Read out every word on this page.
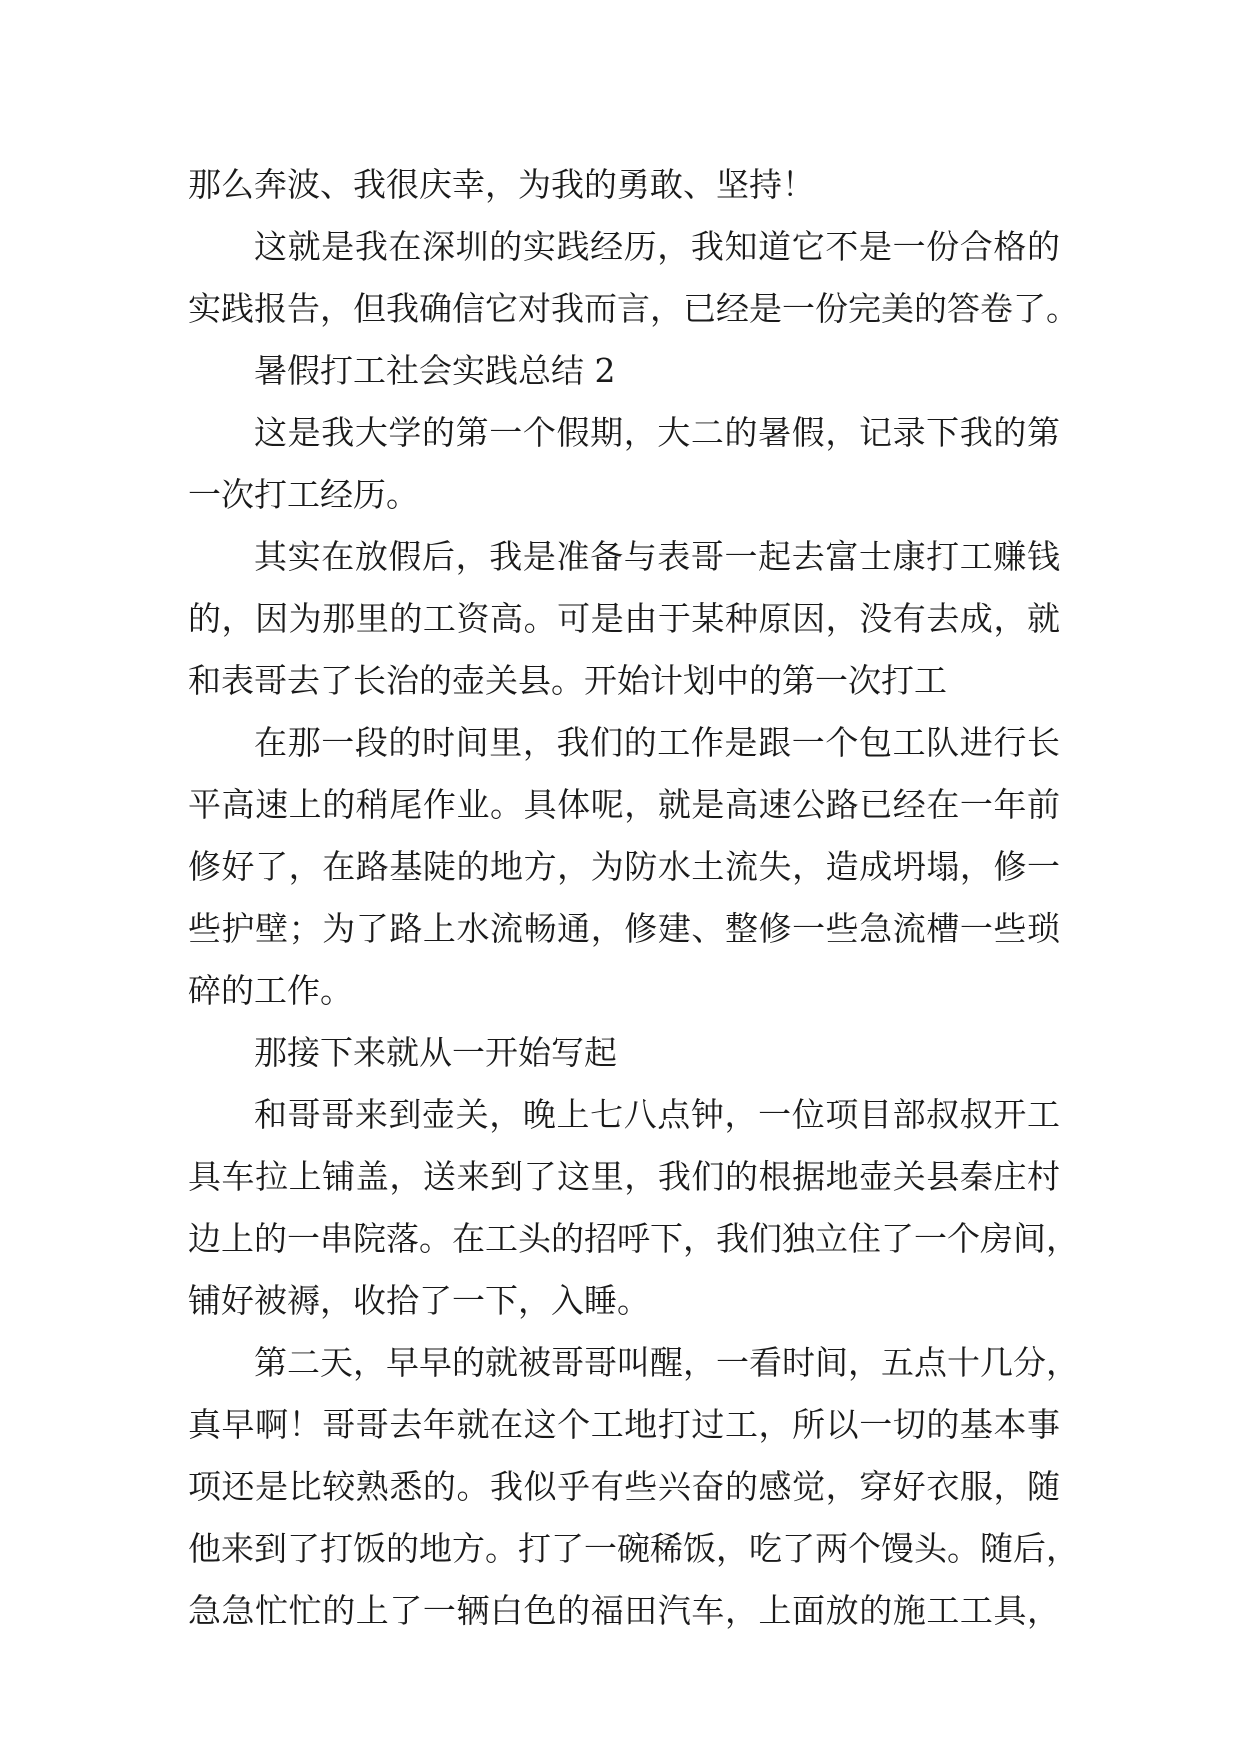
那么奔波、我很庆幸，为我的勇敢、坚持！
这就是我在深圳的实践经历，我知道它不是一份合格的
实践报告，但我确信它对我而言，已经是一份完美的答卷了。
暑假打工社会实践总结 2
这是我大学的第一个假期，大二的暑假，记录下我的第
一次打工经历。
其实在放假后，我是准备与表哥一起去富士康打工赚钱
的，因为那里的工资高。可是由于某种原因，没有去成，就
和表哥去了长治的壶关县。开始计划中的第一次打工
在那一段的时间里，我们的工作是跟一个包工队进行长
平高速上的稍尾作业。具体呢，就是高速公路已经在一年前
修好了，在路基陡的地方，为防水土流失，造成坍塌，修一
些护壁；为了路上水流畅通，修建、整修一些急流槽一些琐
碎的工作。
那接下来就从一开始写起
和哥哥来到壶关，晚上七八点钟，一位项目部叔叔开工
具车拉上铺盖，送来到了这里，我们的根据地壶关县秦庄村
边上的一串院落。在工头的招呼下，我们独立住了一个房间，
铺好被褥，收拾了一下，入睡。
第二天，早早的就被哥哥叫醒，一看时间，五点十几分，
真早啊！哥哥去年就在这个工地打过工，所以一切的基本事
项还是比较熟悉的。我似乎有些兴奋的感觉，穿好衣服，随
他来到了打饭的地方。打了一碗稀饭，吃了两个馒头。随后，
急急忙忙的上了一辆白色的福田汽车，上面放的施工工具，
